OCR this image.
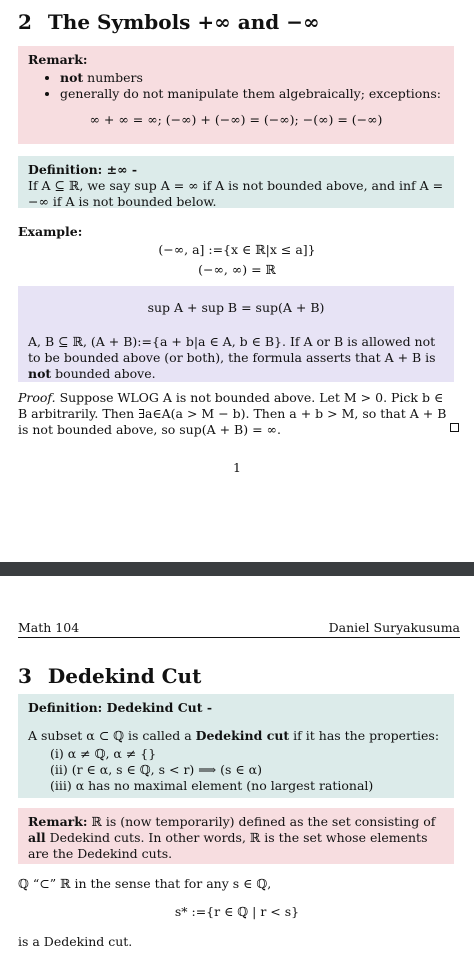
2 The Symbols +∞ and −∞
Remark:
• not numbers
• generally do not manipulate them algebraically; exceptions:
∞ + ∞ = ∞; (−∞) + (−∞) = (−∞); −(∞) = (−∞)
Definition: ±∞ -
If A ⊆ ℝ, we say sup A = ∞ if A is not bounded above, and inf A = −∞ if A is not bounded below.
Example:
(−∞, a] :={x ∈ ℝ|x ≤ a]}
(−∞, ∞) = ℝ
sup A + sup B = sup(A + B)
A, B ⊆ ℝ, (A + B):={a + b|a ∈ A, b ∈ B}. If A or B is allowed not to be bounded above (or both), the formula asserts that A + B is not bounded above.
Proof. Suppose WLOG A is not bounded above. Let M > 0. Pick b ∈ B arbitrarily. Then ∃a∈A(a > M − b). Then a + b > M, so that A + B is not bounded above, so sup(A + B) = ∞.
1
Math 104	Daniel Suryakusuma
3 Dedekind Cut
Definition: Dedekind Cut -
A subset α ⊂ ℚ is called a Dedekind cut if it has the properties:
(i) α ≠ ℚ, α ≠ {}
(ii) (r ∈ α, s ∈ ℚ, s < r) ⟹ (s ∈ α)
(iii) α has no maximal element (no largest rational)
Remark: ℝ is (now temporarily) defined as the set consisting of all Dedekind cuts. In other words, ℝ is the set whose elements are the Dedekind cuts.
ℚ “⊂” ℝ in the sense that for any s ∈ ℚ,
s* :={r ∈ ℚ | r < s}
is a Dedekind cut.
